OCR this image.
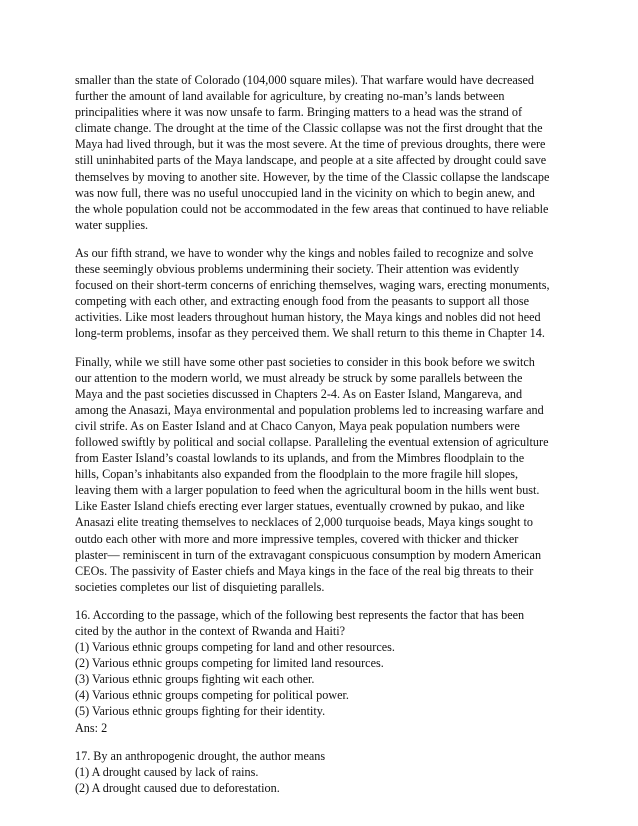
smaller than the state of Colorado (104,000 square miles). That warfare would have decreased
further the amount of land available for agriculture, by creating no-man’s lands between
principalities where it was now unsafe to farm. Bringing matters to a head was the strand of
climate change. The drought at the time of the Classic collapse was not the first drought that the
Maya had lived through, but it was the most severe. At the time of previous droughts, there were
still uninhabited parts of the Maya landscape, and people at a site affected by drought could save
themselves by moving to another site. However, by the time of the Classic collapse the landscape
was now full, there was no useful unoccupied land in the vicinity on which to begin anew, and
the whole population could not be accommodated in the few areas that continued to have reliable
water supplies.
As our fifth strand, we have to wonder why the kings and nobles failed to recognize and solve
these seemingly obvious problems undermining their society. Their attention was evidently
focused on their short-term concerns of enriching themselves, waging wars, erecting monuments,
competing with each other, and extracting enough food from the peasants to support all those
activities. Like most leaders throughout human history, the Maya kings and nobles did not heed
long-term problems, insofar as they perceived them. We shall return to this theme in Chapter 14.
Finally, while we still have some other past societies to consider in this book before we switch
our attention to the modern world, we must already be struck by some parallels between the
Maya and the past societies discussed in Chapters 2-4. As on Easter Island, Mangareva, and
among the Anasazi, Maya environmental and population problems led to increasing warfare and
civil strife. As on Easter Island and at Chaco Canyon, Maya peak population numbers were
followed swiftly by political and social collapse. Paralleling the eventual extension of agriculture
from Easter Island’s coastal lowlands to its uplands, and from the Mimbres floodplain to the
hills, Copan’s inhabitants also expanded from the floodplain to the more fragile hill slopes,
leaving them with a larger population to feed when the agricultural boom in the hills went bust.
Like Easter Island chiefs erecting ever larger statues, eventually crowned by pukao, and like
Anasazi elite treating themselves to necklaces of 2,000 turquoise beads, Maya kings sought to
outdo each other with more and more impressive temples, covered with thicker and thicker
plaster— reminiscent in turn of the extravagant conspicuous consumption by modern American
CEOs. The passivity of Easter chiefs and Maya kings in the face of the real big threats to their
societies completes our list of disquieting parallels.
16. According to the passage, which of the following best represents the factor that has been
cited by the author in the context of Rwanda and Haiti?
(1) Various ethnic groups competing for land and other resources.
(2) Various ethnic groups competing for limited land resources.
(3) Various ethnic groups fighting wit each other.
(4) Various ethnic groups competing for political power.
(5) Various ethnic groups fighting for their identity.
Ans: 2
17. By an anthropogenic drought, the author means
(1) A drought caused by lack of rains.
(2) A drought caused due to deforestation.
